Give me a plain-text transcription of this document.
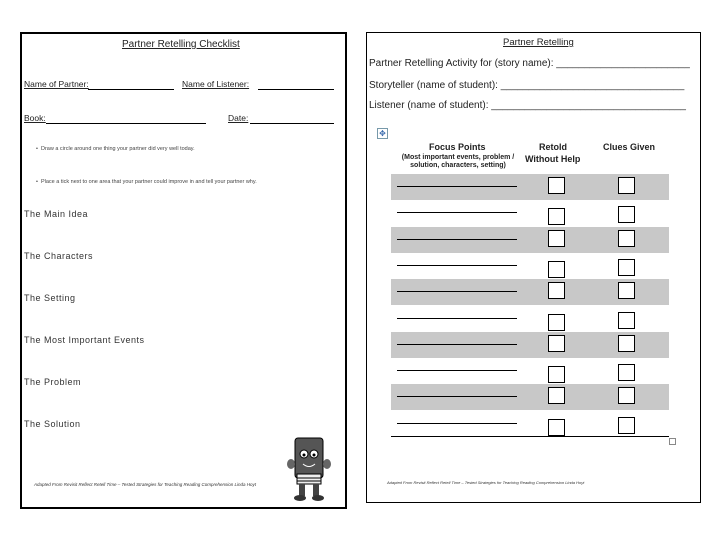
Partner Retelling Checklist
Name of Partner:	Name of Listener:
Book:	Date:
•  Draw a circle around one thing your partner did very well today.
•  Place a tick next to one area that your partner could improve in and tell your partner why.
The Main Idea
The Characters
The Setting
The Most Important Events
The Problem
The Solution
Adapted From Revisit Reflect Retell Time – Tested Strategies for Teaching Reading Comprehension Linda Hoyt
Partner Retelling
Partner Retelling Activity for (story name): ________________________
Storyteller (name of student): _________________________________
Listener (name of student): ___________________________________
✥
Focus Points
(Most important events, problem / solution, characters, setting)
Retold
Without Help
Clues Given
Adapted From Revisit Reflect Retell Time – Tested Strategies for Teaching Reading Comprehension Linda Hoyt
